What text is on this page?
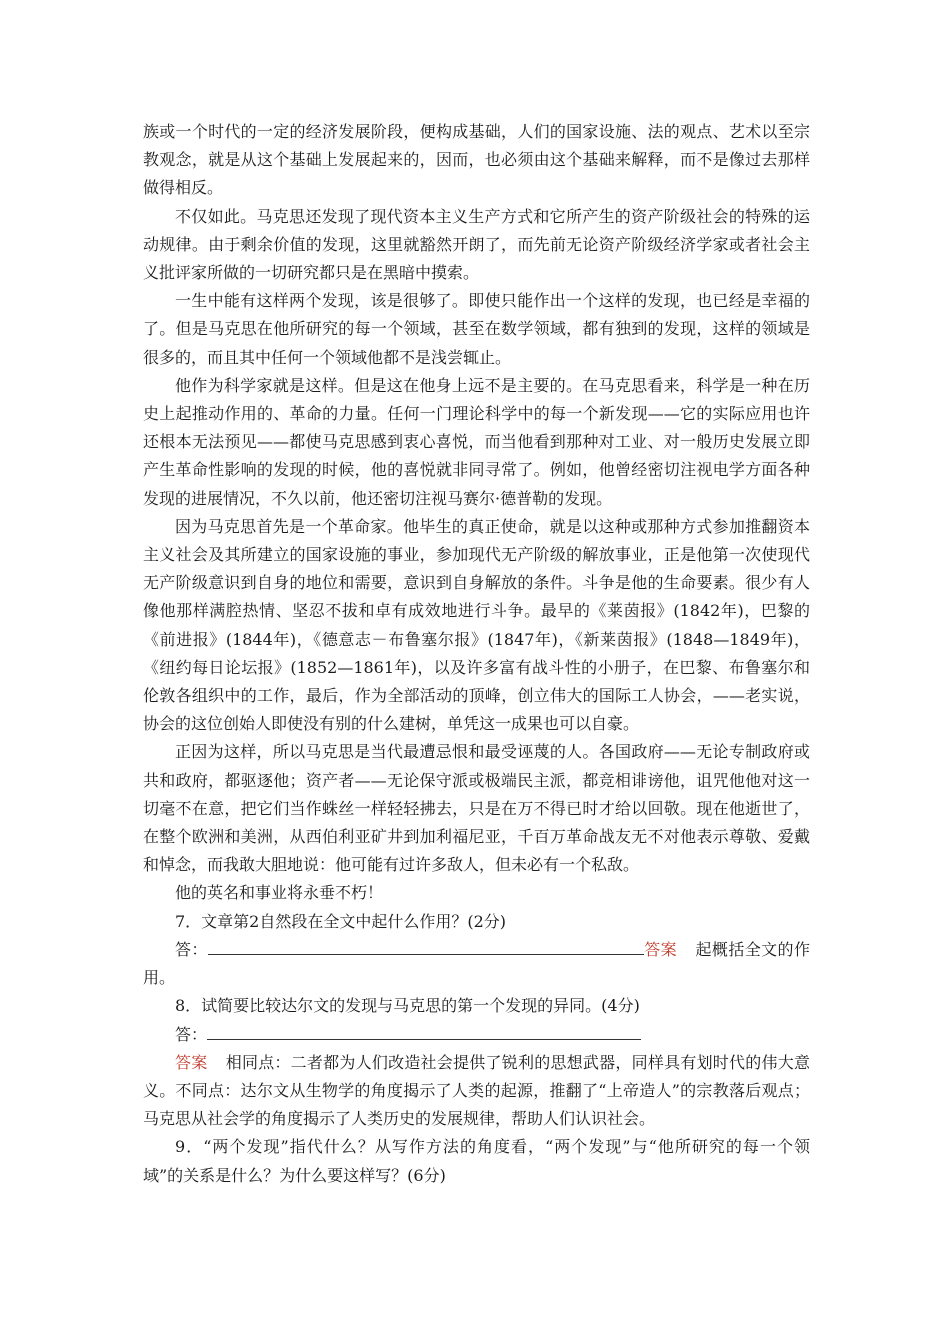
族或一个时代的一定的经济发展阶段，便构成基础，人们的国家设施、法的观点、艺术以至宗教观念，就是从这个基础上发展起来的，因而，也必须由这个基础来解释，而不是像过去那样做得相反。

不仅如此。马克思还发现了现代资本主义生产方式和它所产生的资产阶级社会的特殊的运动规律。由于剩余价值的发现，这里就豁然开朗了，而先前无论资产阶级经济学家或者社会主义批评家所做的一切研究都只是在黑暗中摸索。

一生中能有这样两个发现，该是很够了。即使只能作出一个这样的发现，也已经是幸福的了。但是马克思在他所研究的每一个领域，甚至在数学领域，都有独到的发现，这样的领域是很多的，而且其中任何一个领域他都不是浅尝辄止。

他作为科学家就是这样。但是这在他身上远不是主要的。在马克思看来，科学是一种在历史上起推动作用的、革命的力量。任何一门理论科学中的每一个新发现——它的实际应用也许还根本无法预见——都使马克思感到衷心喜悦，而当他看到那种对工业、对一般历史发展立即产生革命性影响的发现的时候，他的喜悦就非同寻常了。例如，他曾经密切注视电学方面各种发现的进展情况，不久以前，他还密切注视马赛尔·德普勒的发现。

因为马克思首先是一个革命家。他毕生的真正使命，就是以这种或那种方式参加推翻资本主义社会及其所建立的国家设施的事业，参加现代无产阶级的解放事业，正是他第一次使现代无产阶级意识到自身的地位和需要，意识到自身解放的条件。斗争是他的生命要素。很少有人像他那样满腔热情、坚忍不拔和卓有成效地进行斗争。最早的《莱茵报》(1842年)，巴黎的《前进报》(1844年)，《德意志－布鲁塞尔报》(1847年)，《新莱茵报》(1848—1849年)，《纽约每日论坛报》(1852—1861年)，以及许多富有战斗性的小册子，在巴黎、布鲁塞尔和伦敦各组织中的工作，最后，作为全部活动的顶峰，创立伟大的国际工人协会，——老实说，协会的这位创始人即使没有别的什么建树，单凭这一成果也可以自豪。

正因为这样，所以马克思是当代最遭忌恨和最受诬蔑的人。各国政府——无论专制政府或共和政府，都驱逐他；资产者——无论保守派或极端民主派，都竞相诽谤他，诅咒他他对这一切毫不在意，把它们当作蛛丝一样轻轻拂去，只是在万不得已时才给以回敬。现在他逝世了，在整个欧洲和美洲，从西伯利亚矿井到加利福尼亚，千百万革命战友无不对他表示尊敬、爱戴和悼念，而我敢大胆地说：他可能有过许多敌人，但未必有一个私敌。

他的英名和事业将永垂不朽！

7．文章第2自然段在全文中起什么作用？(2分)

答：	答案 起概括全文的作用。

8．试简要比较达尔文的发现与马克思的第一个发现的异同。(4分)

答：

答案 相同点：二者都为人们改造社会提供了锐利的思想武器，同样具有划时代的伟大意义。不同点：达尔文从生物学的角度揭示了人类的起源，推翻了“上帝造人”的宗教落后观点；马克思从社会学的角度揭示了人类历史的发展规律，帮助人们认识社会。

9．“两个发现”指代什么？从写作方法的角度看，“两个发现”与“他所研究的每一个领域”的关系是什么？为什么要这样写？(6分)
